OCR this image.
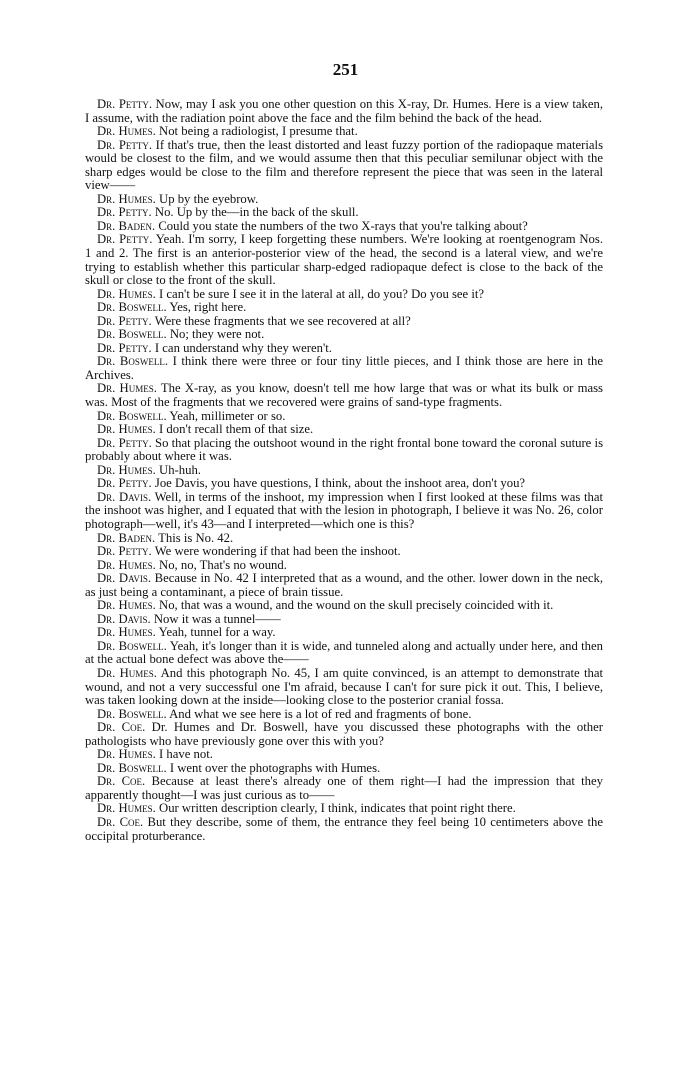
251

Dr. Petty. Now, may I ask you one other question on this X-ray, Dr. Humes. Here is a view taken, I assume, with the radiation point above the face and the film behind the back of the head.

Dr. Humes. Not being a radiologist, I presume that.

Dr. Petty. If that's true, then the least distorted and least fuzzy portion of the radiopaque materials would be closest to the film, and we would assume then that this peculiar semilunar object with the sharp edges would be close to the film and therefore represent the piece that was seen in the lateral view——

Dr. Humes. Up by the eyebrow.

Dr. Petty. No. Up by the—in the back of the skull.

Dr. Baden. Could you state the numbers of the two X-rays that you're talking about?

Dr. Petty. Yeah. I'm sorry, I keep forgetting these numbers. We're looking at roentgenogram Nos. 1 and 2. The first is an anterior-posterior view of the head, the second is a lateral view, and we're trying to establish whether this particular sharp-edged radiopaque defect is close to the back of the skull or close to the front of the skull.

Dr. Humes. I can't be sure I see it in the lateral at all, do you? Do you see it?

Dr. Boswell. Yes, right here.

Dr. Petty. Were these fragments that we see recovered at all?

Dr. Boswell. No; they were not.

Dr. Petty. I can understand why they weren't.

Dr. Boswell. I think there were three or four tiny little pieces, and I think those are here in the Archives.

Dr. Humes. The X-ray, as you know, doesn't tell me how large that was or what its bulk or mass was. Most of the fragments that we recovered were grains of sand-type fragments.

Dr. Boswell. Yeah, millimeter or so.

Dr. Humes. I don't recall them of that size.

Dr. Petty. So that placing the outshoot wound in the right frontal bone toward the coronal suture is probably about where it was.

Dr. Humes. Uh-huh.

Dr. Petty. Joe Davis, you have questions, I think, about the inshoot area, don't you?

Dr. Davis. Well, in terms of the inshoot, my impression when I first looked at these films was that the inshoot was higher, and I equated that with the lesion in photograph, I believe it was No. 26, color photograph—well, it's 43—and I interpreted—which one is this?

Dr. Baden. This is No. 42.

Dr. Petty. We were wondering if that had been the inshoot.

Dr. Humes. No, no, That's no wound.

Dr. Davis. Because in No. 42 I interpreted that as a wound, and the other. lower down in the neck, as just being a contaminant, a piece of brain tissue.

Dr. Humes. No, that was a wound, and the wound on the skull precisely coincided with it.

Dr. Davis. Now it was a tunnel——

Dr. Humes. Yeah, tunnel for a way.

Dr. Boswell. Yeah, it's longer than it is wide, and tunneled along and actually under here, and then at the actual bone defect was above the——

Dr. Humes. And this photograph No. 45, I am quite convinced, is an attempt to demonstrate that wound, and not a very successful one I'm afraid, because I can't for sure pick it out. This, I believe, was taken looking down at the inside—looking close to the posterior cranial fossa.

Dr. Boswell. And what we see here is a lot of red and fragments of bone.

Dr. Coe. Dr. Humes and Dr. Boswell, have you discussed these photographs with the other pathologists who have previously gone over this with you?

Dr. Humes. I have not.

Dr. Boswell. I went over the photographs with Humes.

Dr. Coe. Because at least there's already one of them right—I had the impression that they apparently thought—I was just curious as to——

Dr. Humes. Our written description clearly, I think, indicates that point right there.

Dr. Coe. But they describe, some of them, the entrance they feel being 10 centimeters above the occipital proturberance.
